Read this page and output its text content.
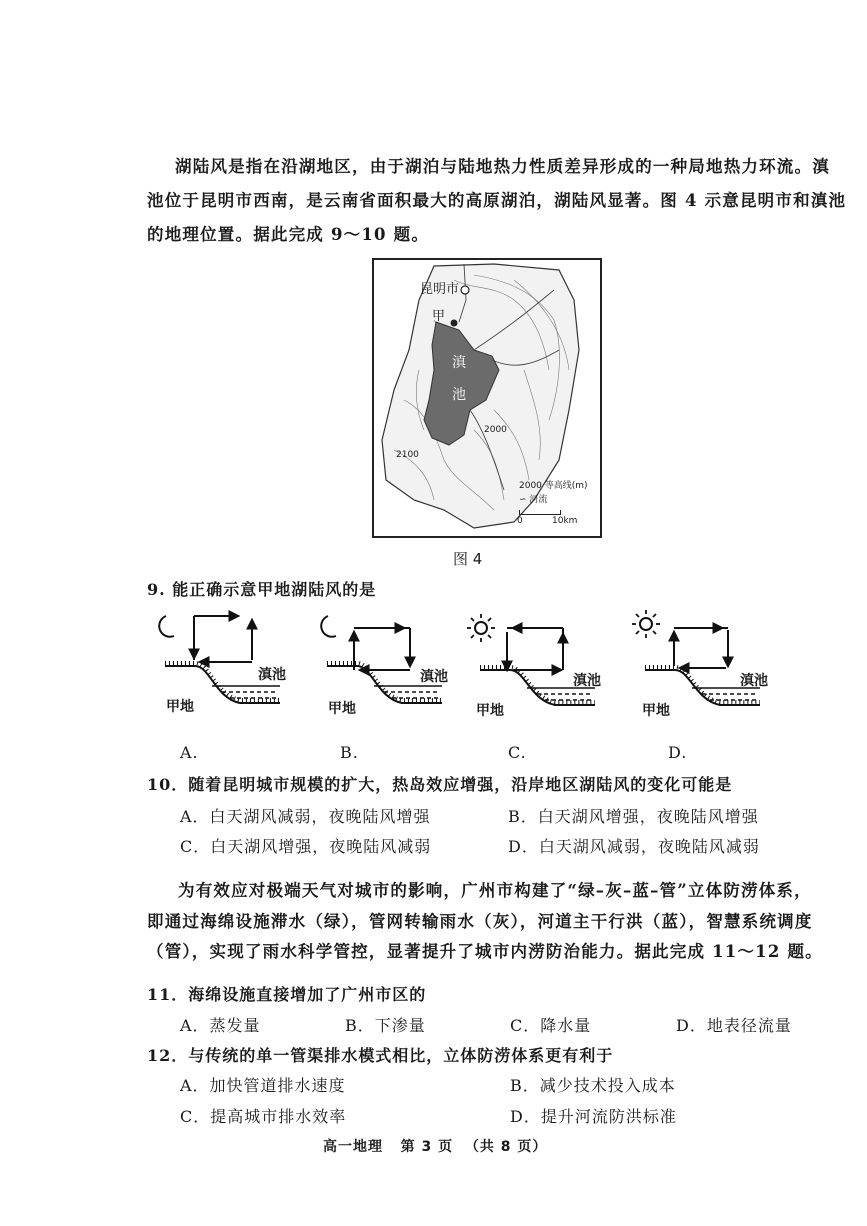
湖陆风是指在沿湖地区，由于湖泊与陆地热力性质差异形成的一种局地热力环流。滇
池位于昆明市西南，是云南省面积最大的高原湖泊，湖陆风显著。图 4 示意昆明市和滇池
的地理位置。据此完成 9～10 题。
昆明市
甲
滇
池
2000
2100
2000 等高线(m)
∽ 河流
0	10km
图 4
9. 能正确示意甲地湖陆风的是
滇池
甲地
滇池
甲地
滇池
甲地
滇池
甲地
A.	B.	C.	D.
10．随着昆明城市规模的扩大，热岛效应增强，沿岸地区湖陆风的变化可能是
A．白天湖风减弱，夜晚陆风增强	B．白天湖风增强，夜晚陆风增强
C．白天湖风增强，夜晚陆风减弱	D．白天湖风减弱，夜晚陆风减弱
为有效应对极端天气对城市的影响，广州市构建了“绿–灰–蓝–管”立体防涝体系，
即通过海绵设施滞水（绿），管网转输雨水（灰），河道主干行洪（蓝），智慧系统调度
（管），实现了雨水科学管控，显著提升了城市内涝防治能力。据此完成 11～12 题。
11．海绵设施直接增加了广州市区的
A．蒸发量	B．下渗量	C．降水量	D．地表径流量
12．与传统的单一管渠排水模式相比，立体防涝体系更有利于
A．加快管道排水速度	B．减少技术投入成本
C．提高城市排水效率	D．提升河流防洪标准
高一地理   第 3 页  （共 8 页）
